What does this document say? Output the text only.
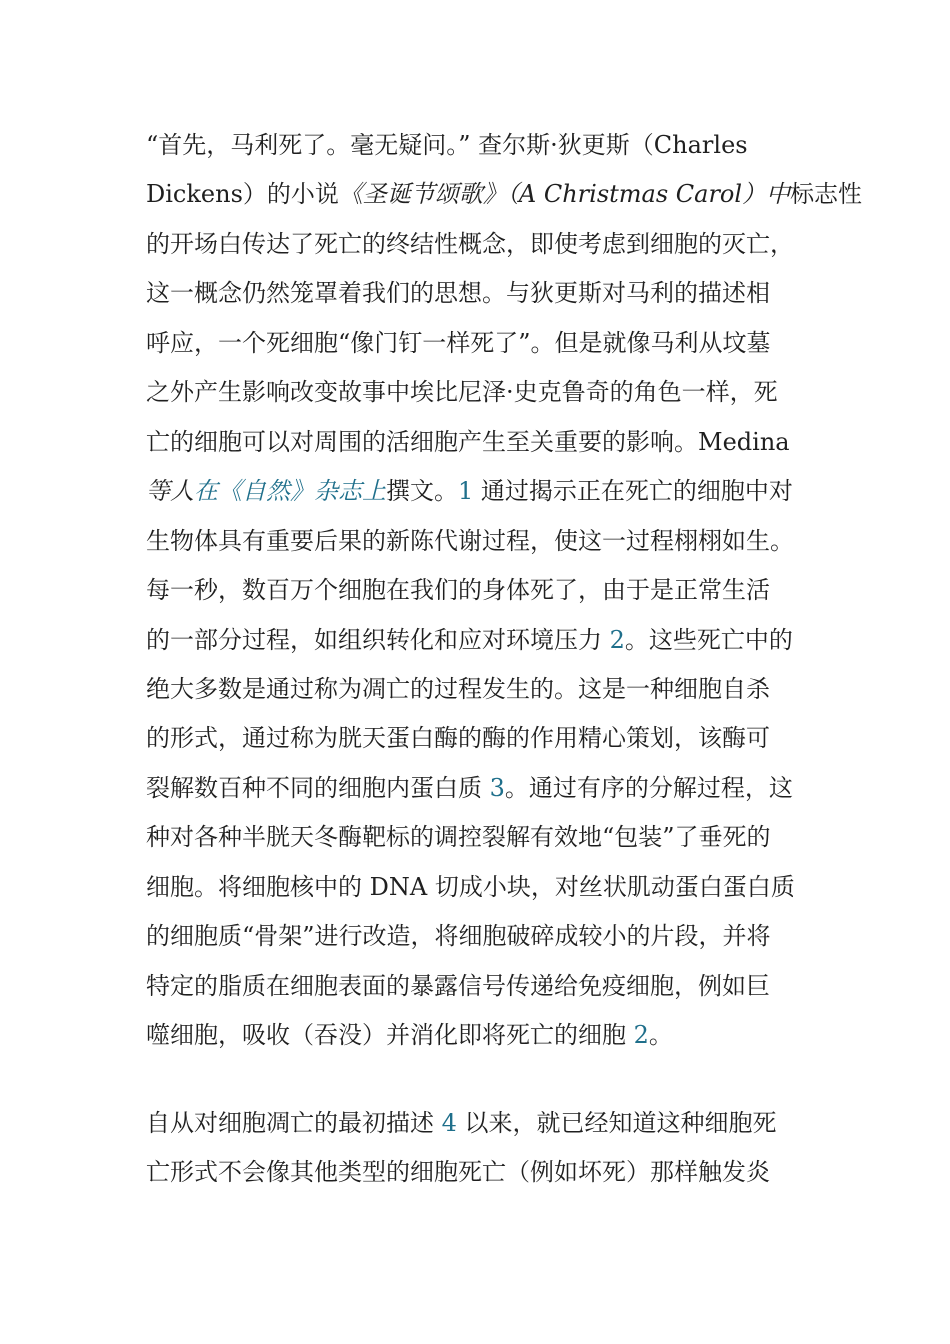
“首先，马利死了。毫无疑问。” 查尔斯·狄更斯（Charles
Dickens）的小说《圣诞节颂歌》（A Christmas Carol）中标志性
的开场白传达了死亡的终结性概念，即使考虑到细胞的灭亡，
这一概念仍然笼罩着我们的思想。与狄更斯对马利的描述相
呼应，一个死细胞“像门钉一样死了”。但是就像马利从坟墓
之外产生影响改变故事中埃比尼泽·史克鲁奇的角色一样，死
亡的细胞可以对周围的活细胞产生至关重要的影响。Medina
等人在《自然》杂志上撰文。1 通过揭示正在死亡的细胞中对
生物体具有重要后果的新陈代谢过程，使这一过程栩栩如生。
每一秒，数百万个细胞在我们的身体死了，由于是正常生活
的一部分过程，如组织转化和应对环境压力 2。这些死亡中的
绝大多数是通过称为凋亡的过程发生的。这是一种细胞自杀
的形式，通过称为胱天蛋白酶的酶的作用精心策划，该酶可
裂解数百种不同的细胞内蛋白质 3。通过有序的分解过程，这
种对各种半胱天冬酶靶标的调控裂解有效地“包装”了垂死的
细胞。将细胞核中的 DNA 切成小块，对丝状肌动蛋白蛋白质
的细胞质“骨架”进行改造，将细胞破碎成较小的片段，并将
特定的脂质在细胞表面的暴露信号传递给免疫细胞，例如巨
噬细胞，吸收（吞没）并消化即将死亡的细胞 2。
自从对细胞凋亡的最初描述 4 以来，就已经知道这种细胞死
亡形式不会像其他类型的细胞死亡（例如坏死）那样触发炎
